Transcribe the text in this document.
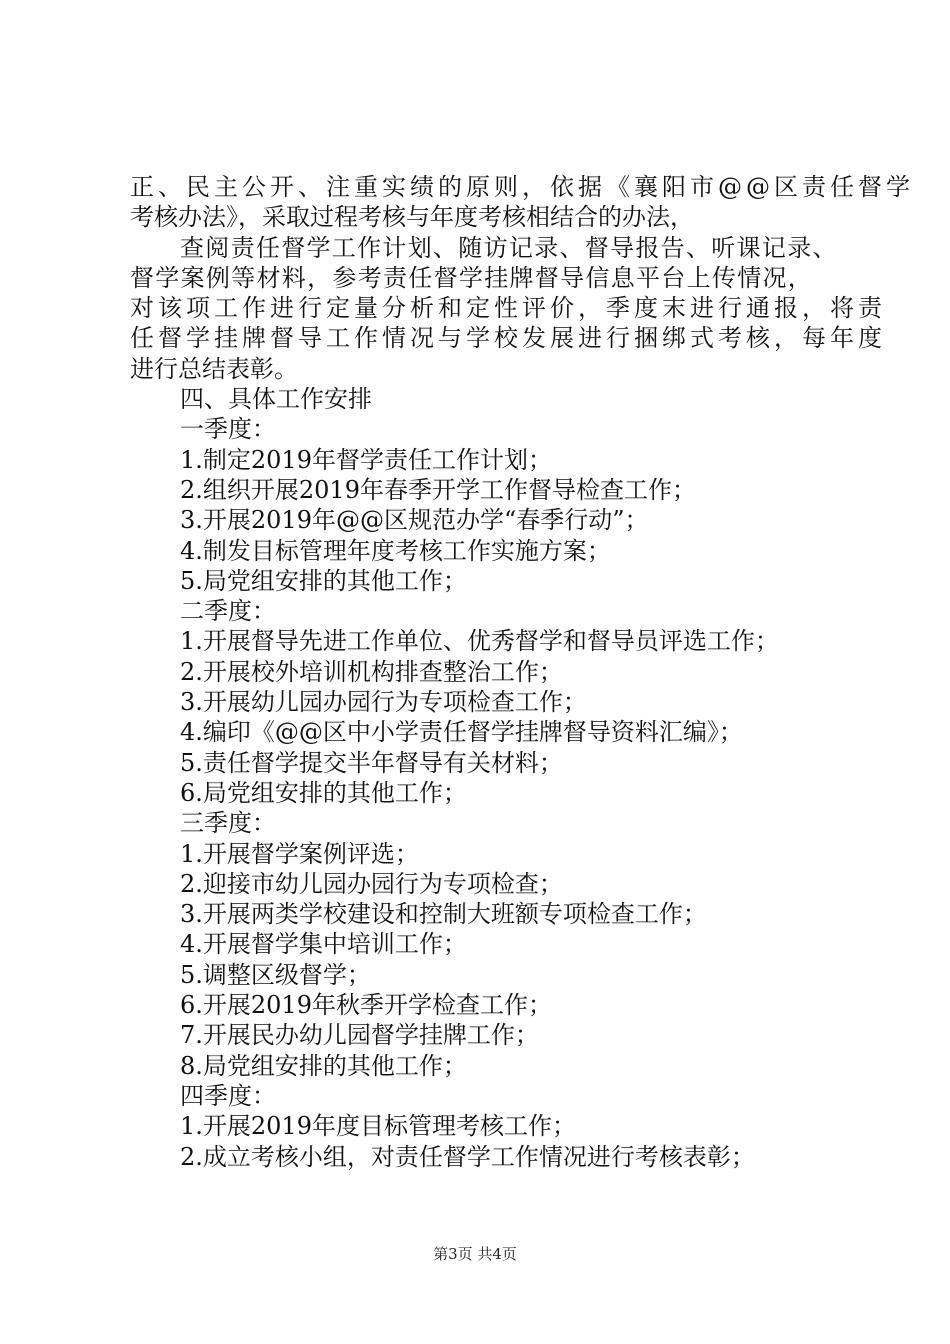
正、民主公开、注重实绩的原则，依据《襄阳市@@区责任督学
考核办法》，采取过程考核与年度考核相结合的办法，
查阅责任督学工作计划、随访记录、督导报告、听课记录、
督学案例等材料，参考责任督学挂牌督导信息平台上传情况，
对该项工作进行定量分析和定性评价，季度末进行通报，将责
任督学挂牌督导工作情况与学校发展进行捆绑式考核，每年度
进行总结表彰。
四、具体工作安排
一季度：
1.制定2019年督学责任工作计划；
2.组织开展2019年春季开学工作督导检查工作；
3.开展2019年@@区规范办学“春季行动”；
4.制发目标管理年度考核工作实施方案；
5.局党组安排的其他工作；
二季度：
1.开展督导先进工作单位、优秀督学和督导员评选工作；
2.开展校外培训机构排查整治工作；
3.开展幼儿园办园行为专项检查工作；
4.编印《@@区中小学责任督学挂牌督导资料汇编》；
5.责任督学提交半年督导有关材料；
6.局党组安排的其他工作；
三季度：
1.开展督学案例评选；
2.迎接市幼儿园办园行为专项检查；
3.开展两类学校建设和控制大班额专项检查工作；
4.开展督学集中培训工作；
5.调整区级督学；
6.开展2019年秋季开学检查工作；
7.开展民办幼儿园督学挂牌工作；
8.局党组安排的其他工作；
四季度：
1.开展2019年度目标管理考核工作；
2.成立考核小组，对责任督学工作情况进行考核表彰；
第3页 共4页
